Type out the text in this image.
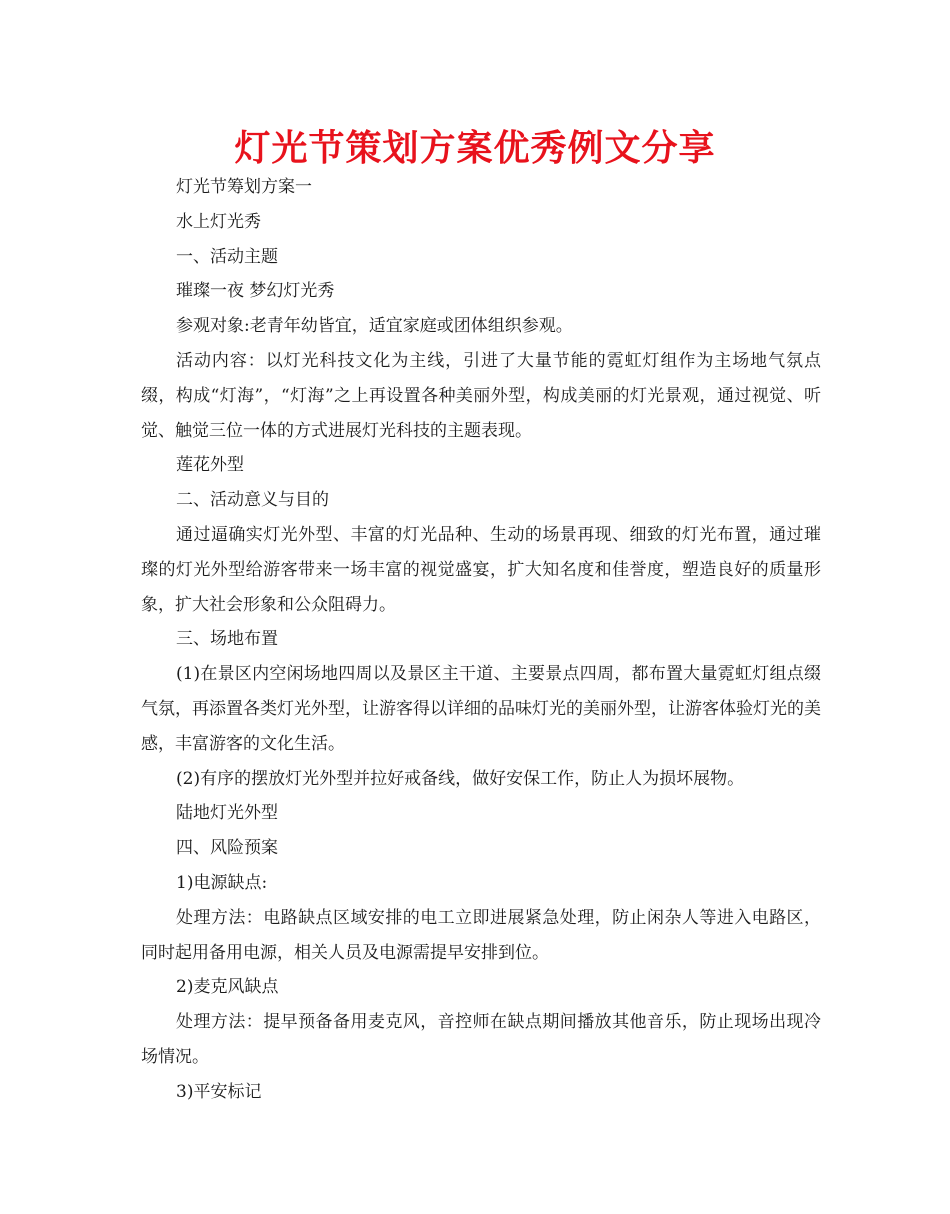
灯光节策划方案优秀例文分享

灯光节筹划方案一

水上灯光秀

一、活动主题

璀璨一夜 梦幻灯光秀

参观对象:老青年幼皆宜，适宜家庭或团体组织参观。

活动内容：以灯光科技文化为主线，引进了大量节能的霓虹灯组作为主场地气氛点缀，构成“灯海”，“灯海”之上再设置各种美丽外型，构成美丽的灯光景观，通过视觉、听觉、触觉三位一体的方式进展灯光科技的主题表现。

莲花外型

二、活动意义与目的

通过逼确实灯光外型、丰富的灯光品种、生动的场景再现、细致的灯光布置，通过璀璨的灯光外型给游客带来一场丰富的视觉盛宴，扩大知名度和佳誉度，塑造良好的质量形象，扩大社会形象和公众阻碍力。

三、场地布置

(1)在景区内空闲场地四周以及景区主干道、主要景点四周，都布置大量霓虹灯组点缀气氛，再添置各类灯光外型，让游客得以详细的品味灯光的美丽外型，让游客体验灯光的美感，丰富游客的文化生活。

(2)有序的摆放灯光外型并拉好戒备线，做好安保工作，防止人为损坏展物。

陆地灯光外型

四、风险预案

1)电源缺点:

处理方法：电路缺点区域安排的电工立即进展紧急处理，防止闲杂人等进入电路区，同时起用备用电源，相关人员及电源需提早安排到位。

2)麦克风缺点

处理方法：提早预备备用麦克风，音控师在缺点期间播放其他音乐，防止现场出现冷场情况。

3)平安标记
